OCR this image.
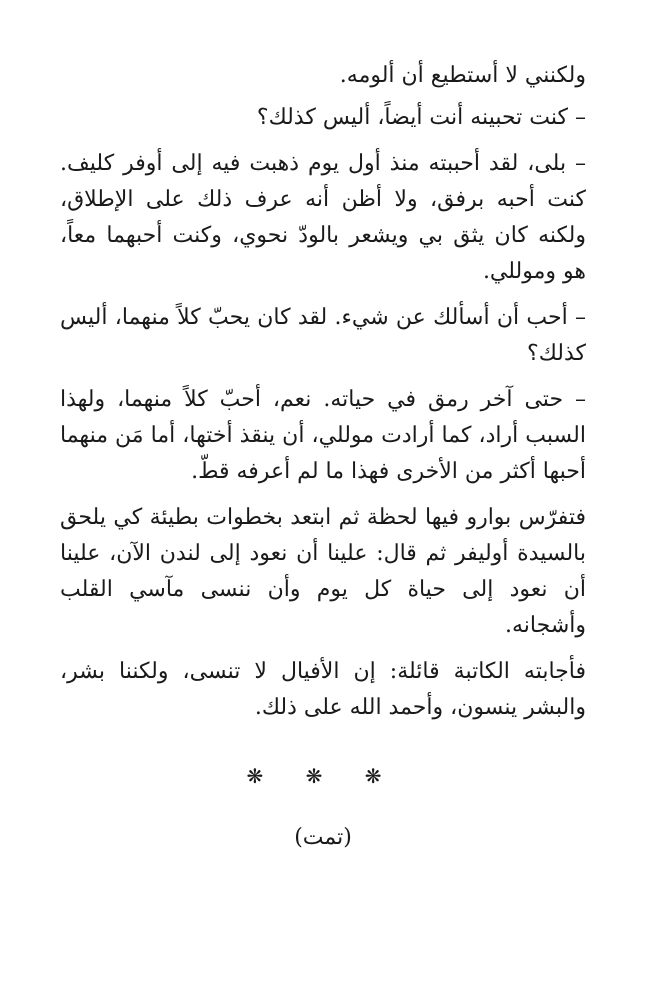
ولكنني لا أستطيع أن ألومه.

– كنت تحبينه أنت أيضاً، أليس كذلك؟

– بلى، لقد أحببته منذ أول يوم ذهبت فيه إلى أوفر كليف. كنت أحبه برفق، ولا أظن أنه عرف ذلك على الإطلاق، ولكنه كان يثق بي ويشعر بالودّ نحوي، وكنت أحبهما معاً، هو وموللي.

– أحب أن أسألك عن شيء. لقد كان يحبّ كلاً منهما، أليس كذلك؟

– حتى آخر رمق في حياته. نعم، أحبّ كلاً منهما، ولهذا السبب أراد، كما أرادت موللي، أن ينقذ أختها، أما مَن منهما أحبها أكثر من الأخرى فهذا ما لم أعرفه قطّ.

فتفرّس بوارو فيها لحظة ثم ابتعد بخطوات بطيئة كي يلحق بالسيدة أوليفر ثم قال: علينا أن نعود إلى لندن الآن، علينا أن نعود إلى حياة كل يوم وأن ننسى مآسي القلب وأشجانه.

فأجابته الكاتبة قائلة: إن الأفيال لا تنسى، ولكننا بشر، والبشر ينسون، وأحمد الله على ذلك.

❋ ❋ ❋
(تمت)
